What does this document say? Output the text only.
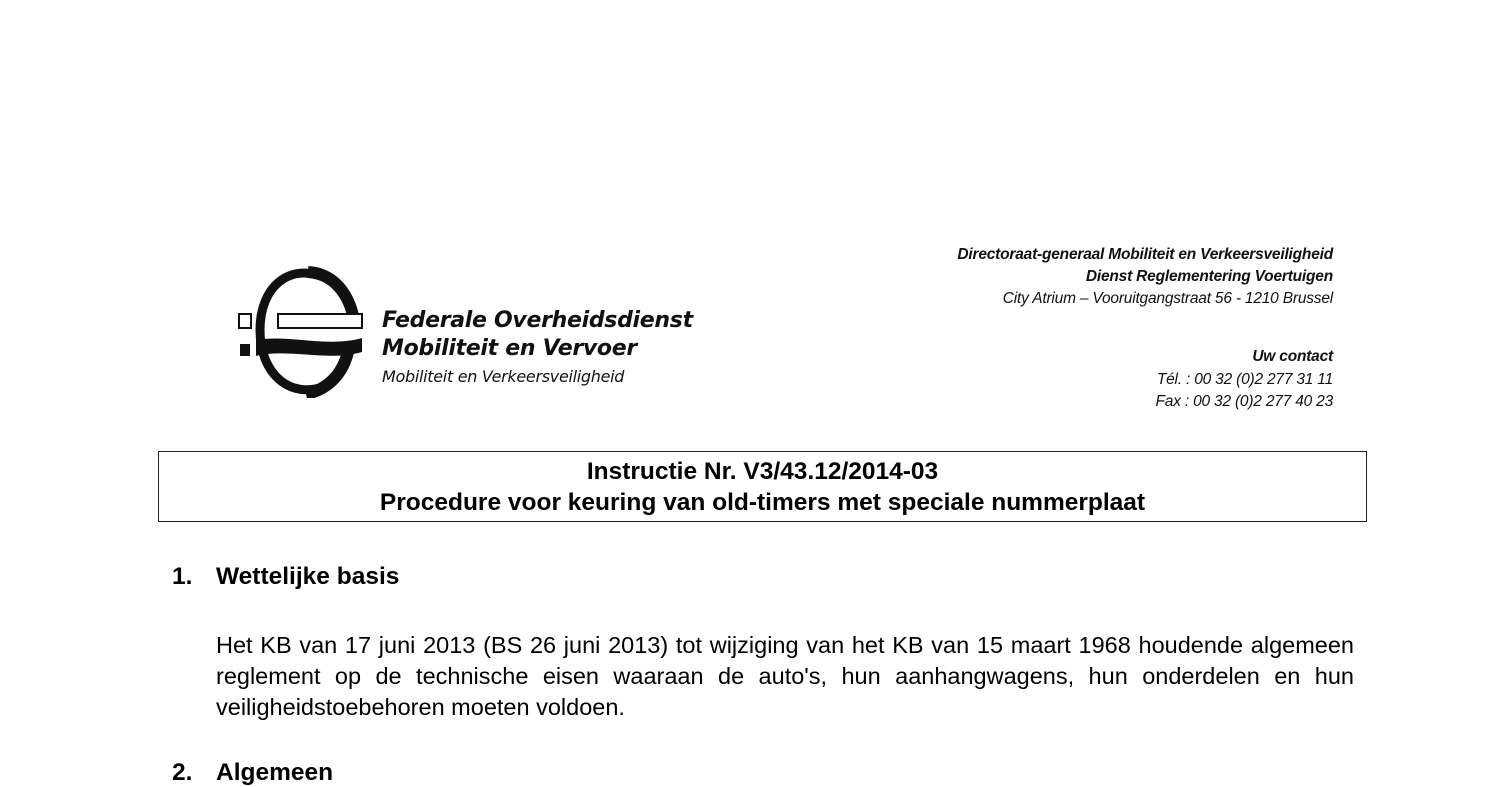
Federale Overheidsdienst
Mobiliteit en Vervoer
Mobiliteit en Verkeersveiligheid
Directoraat-generaal Mobiliteit en Verkeersveiligheid
Dienst Reglementering Voertuigen
City Atrium – Vooruitgangstraat 56 - 1210 Brussel
Uw contact
Tél. : 00 32 (0)2 277 31 11
Fax : 00 32 (0)2 277 40 23
Instructie Nr. V3/43.12/2014-03
Procedure voor keuring van old-timers met speciale nummerplaat
1. Wettelijke basis
Het KB van 17 juni 2013 (BS 26 juni 2013) tot wijziging van het KB van 15 maart 1968 houdende algemeen reglement op de technische eisen waaraan de auto's, hun aanhangwagens, hun onderdelen en hun veiligheidstoebehoren moeten voldoen.
2. Algemeen
